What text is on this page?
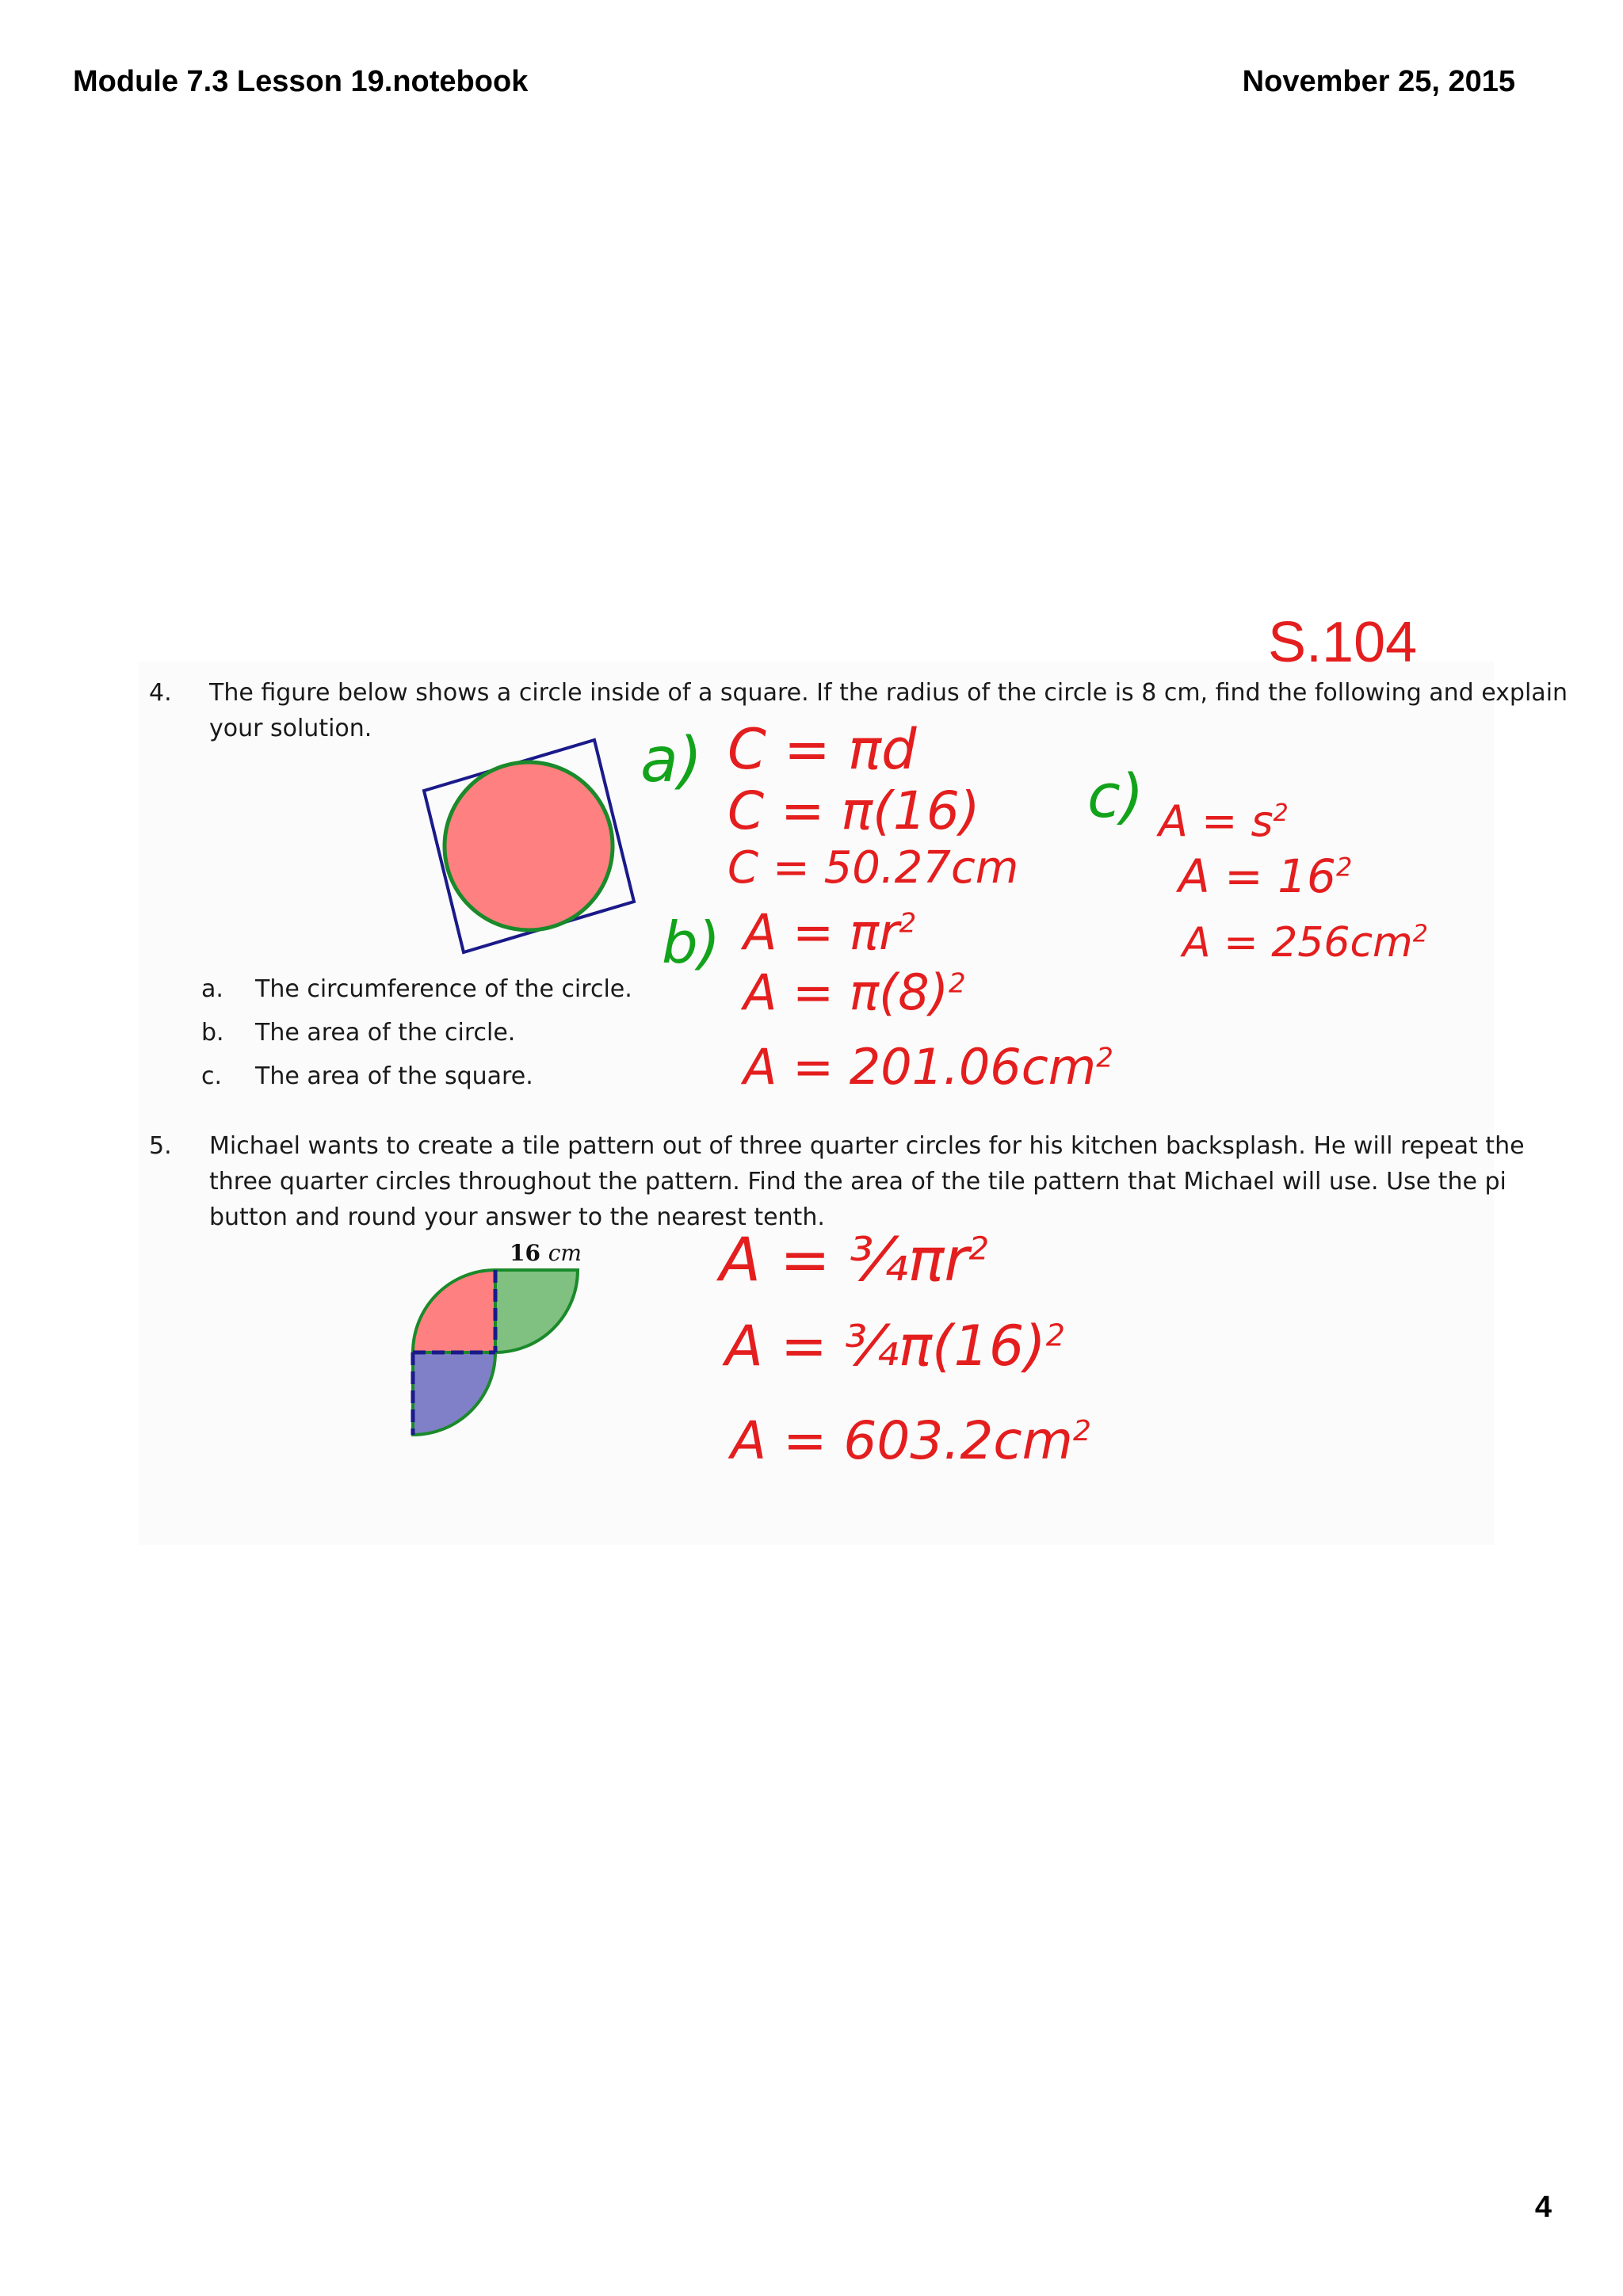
Module 7.3 Lesson 19.notebook	November 25, 2015
S.104
4.	The figure below shows a circle inside of a square. If the radius of the circle is 8 cm, find the following and explain
your solution.
a.	The circumference of the circle.
b.	The area of the circle.
c.	The area of the square.
5.	Michael wants to create a tile pattern out of three quarter circles for his kitchen backsplash. He will repeat the
three quarter circles throughout the pattern. Find the area of the tile pattern that Michael will use. Use the pi
button and round your answer to the nearest tenth.
16 cm
a) C = πd
C = π(16)
C = 50.27cm
b) $A = \pi r^2$
$A = \pi(8)^2$
$A = 201.06cm^2$
c) $A = s^2$
$A = 16^2$
$A = 256cm^2$
$A = \frac{3}{4}\pi r^2$
$A = \frac{3}{4}\pi(16)^2$
$A = 603.2cm^2$
4
